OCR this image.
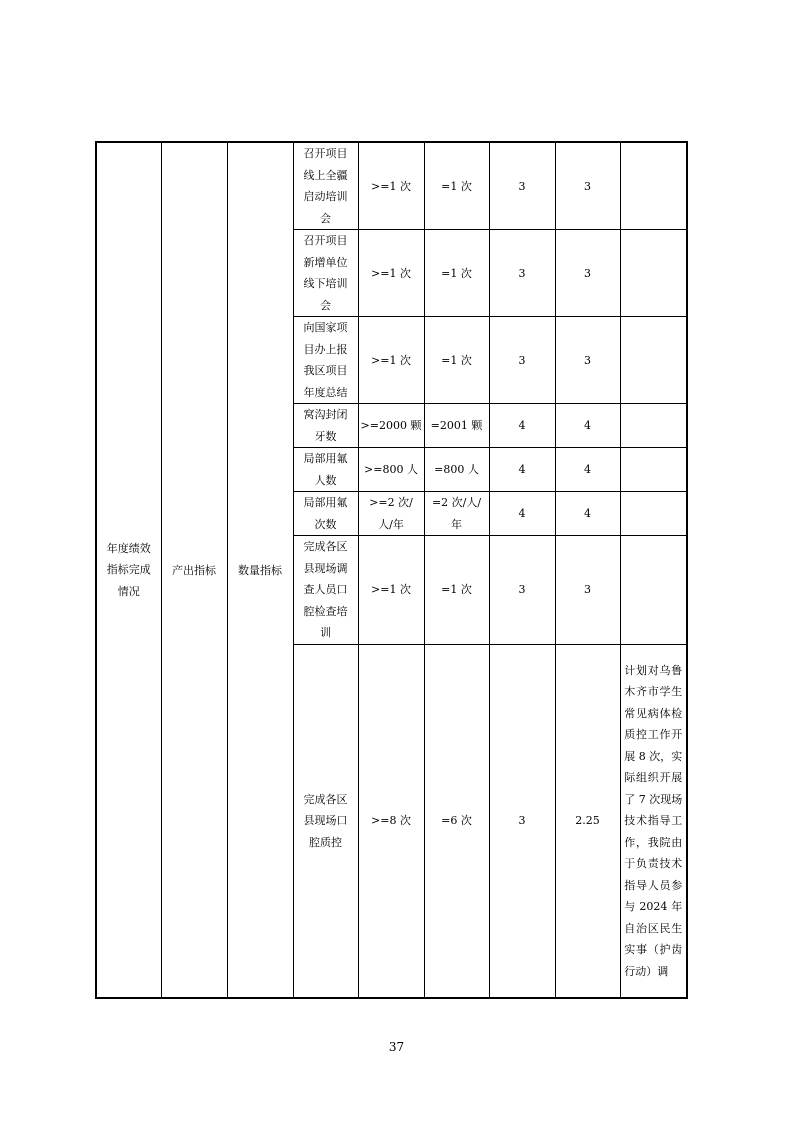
年度绩效指标完成情况	产出指标	数量指标	召开项目线上全疆启动培训会	>=1 次	=1 次	3	3	

			召开项目新增单位线下培训会	>=1 次	=1 次	3	3	

			向国家项目办上报我区项目年度总结	>=1 次	=1 次	3	3	

			窝沟封闭牙数	>=2000 颗	=2001 颗	4	4	

			局部用氟人数	>=800 人	=800 人	4	4	

			局部用氟次数	>=2 次/人/年	=2 次/人/年	4	4	

			完成各区县现场调查人员口腔检查培训	>=1 次	=1 次	3	3	

			完成各区县现场口腔质控	>=8 次	=6 次	3	2.25	计划对乌鲁木齐市学生常见病体检质控工作开展 8 次，实际组织开展了 7 次现场技术指导工作，我院由于负责技术指导人员参与 2024 年自治区民生实事（护齿行动）调
37
